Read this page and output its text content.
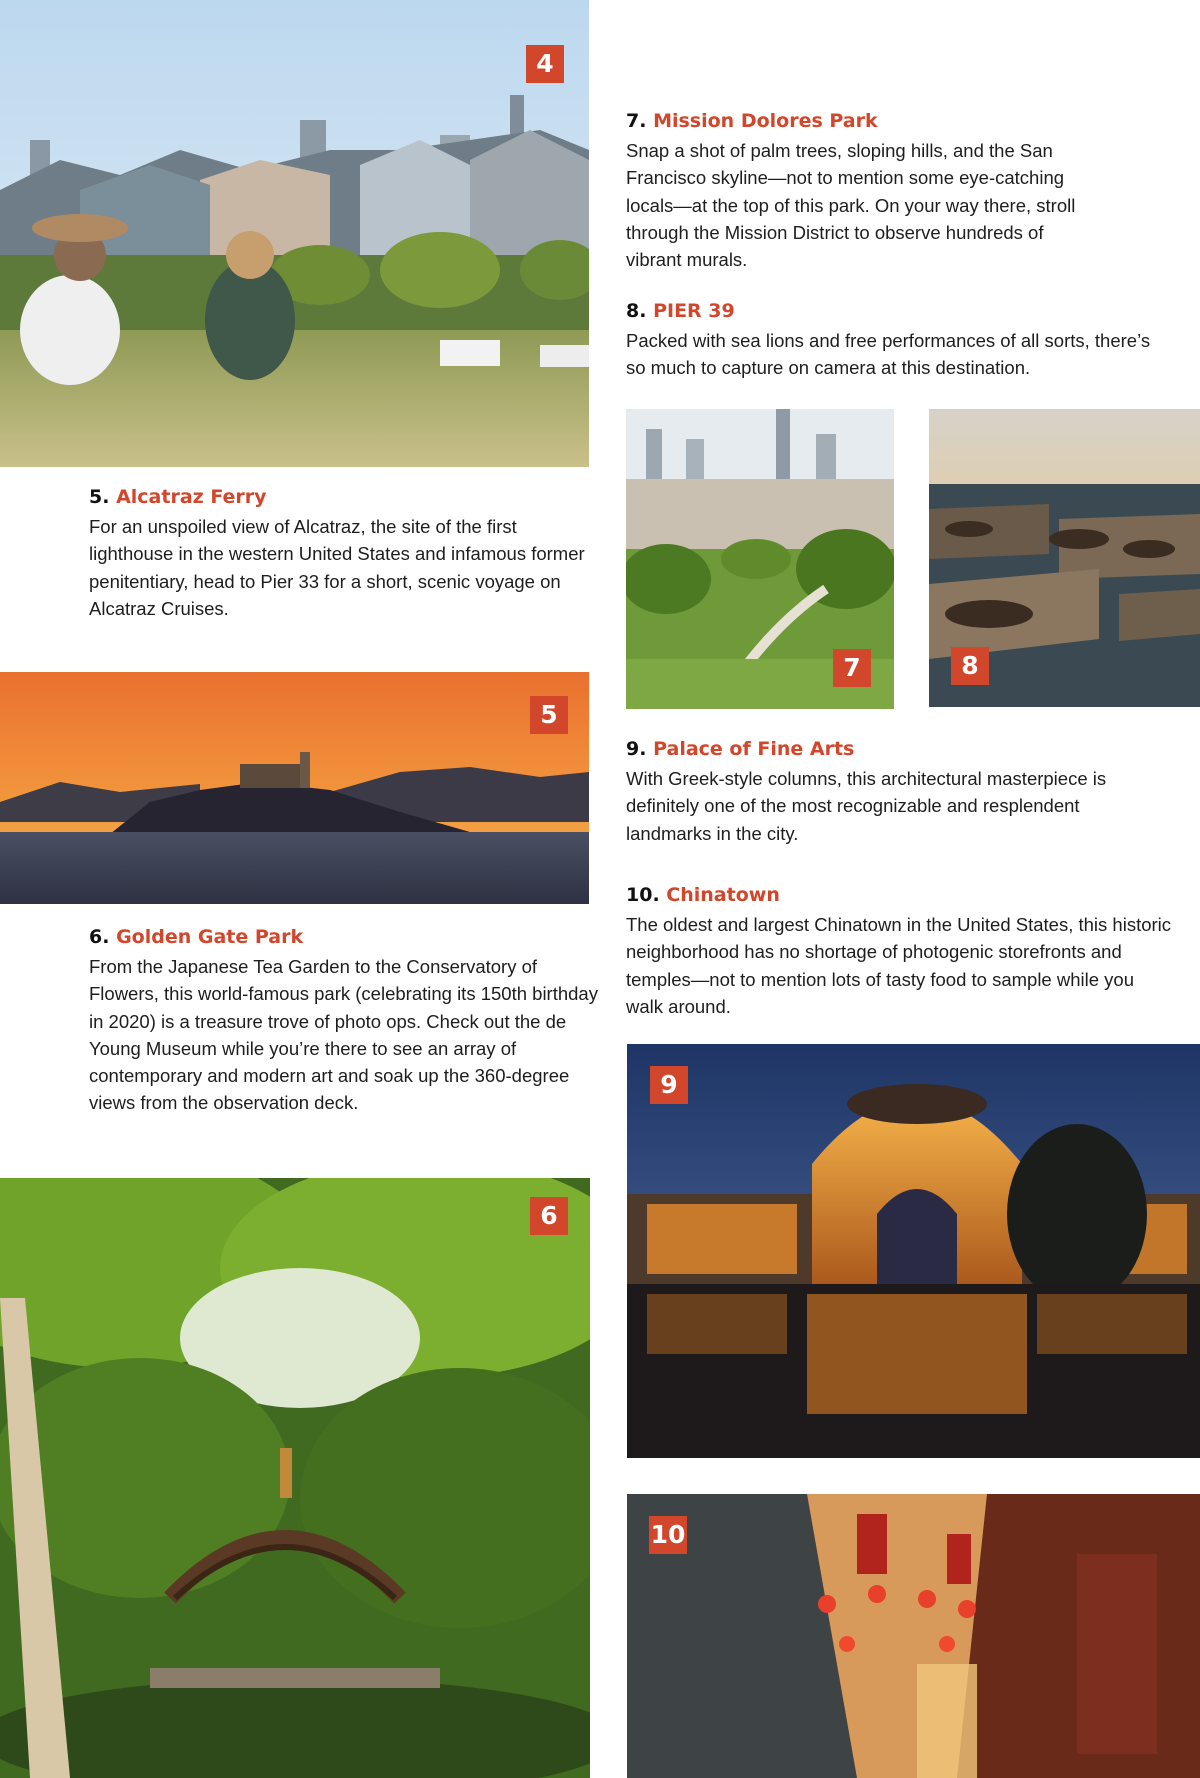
4
5. Alcatraz Ferry

For an unspoiled view of Alcatraz, the site of the first lighthouse in the western United States and infamous former penitentiary, head to Pier 33 for a short, scenic voyage on Alcatraz Cruises.

5
6. Golden Gate Park

From the Japanese Tea Garden to the Conservatory of Flowers, this world-famous park (celebrating its 150th birthday in 2020) is a treasure trove of photo ops. Check out the de Young Museum while you’re there to see an array of contemporary and modern art and soak up the 360-degree views from the observation deck.

6
7. Mission Dolores Park

Snap a shot of palm trees, sloping hills, and the San Francisco skyline—not to mention some eye-catching locals—at the top of this park. On your way there, stroll through the Mission District to observe hundreds of vibrant murals.

8. PIER 39

Packed with sea lions and free performances of all sorts, there’s so much to capture on camera at this destination.

7	8
9. Palace of Fine Arts

With Greek-style columns, this architectural masterpiece is definitely one of the most recognizable and resplendent landmarks in the city.

10. Chinatown

The oldest and largest Chinatown in the United States, this historic neighborhood has no shortage of photogenic storefronts and temples—not to mention lots of tasty food to sample while you walk around.

9
10
